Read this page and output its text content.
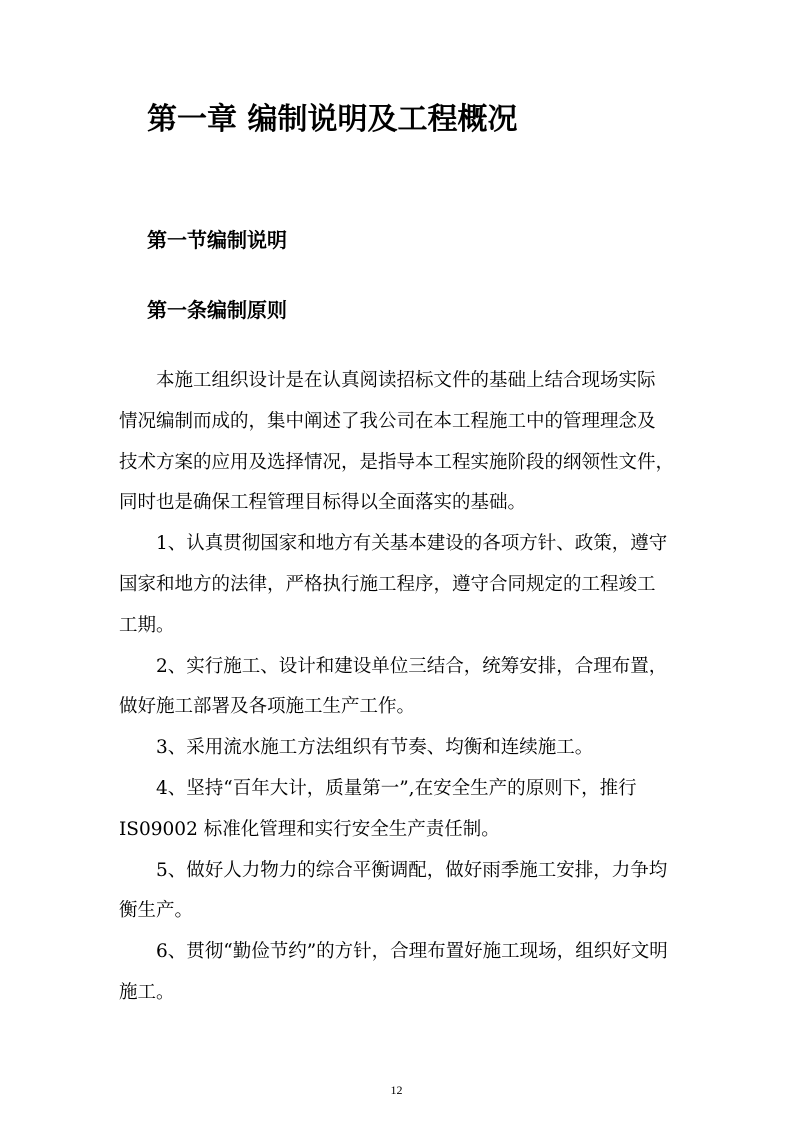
第一章 编制说明及工程概况
第一节编制说明
第一条编制原则
本施工组织设计是在认真阅读招标文件的基础上结合现场实际
情况编制而成的，集中阐述了我公司在本工程施工中的管理理念及
技术方案的应用及选择情况，是指导本工程实施阶段的纲领性文件，
同时也是确保工程管理目标得以全面落实的基础。
1、认真贯彻国家和地方有关基本建设的各项方针、政策，遵守
国家和地方的法律，严格执行施工程序，遵守合同规定的工程竣工
工期。
2、实行施工、设计和建设单位三结合，统筹安排，合理布置，
做好施工部署及各项施工生产工作。
3、采用流水施工方法组织有节奏、均衡和连续施工。
4、坚持“百年大计，质量第一”,在安全生产的原则下，推行
IS09002 标准化管理和实行安全生产责任制。
5、做好人力物力的综合平衡调配，做好雨季施工安排，力争均
衡生产。
6、贯彻“勤俭节约”的方针，合理布置好施工现场，组织好文明
施工。
12
